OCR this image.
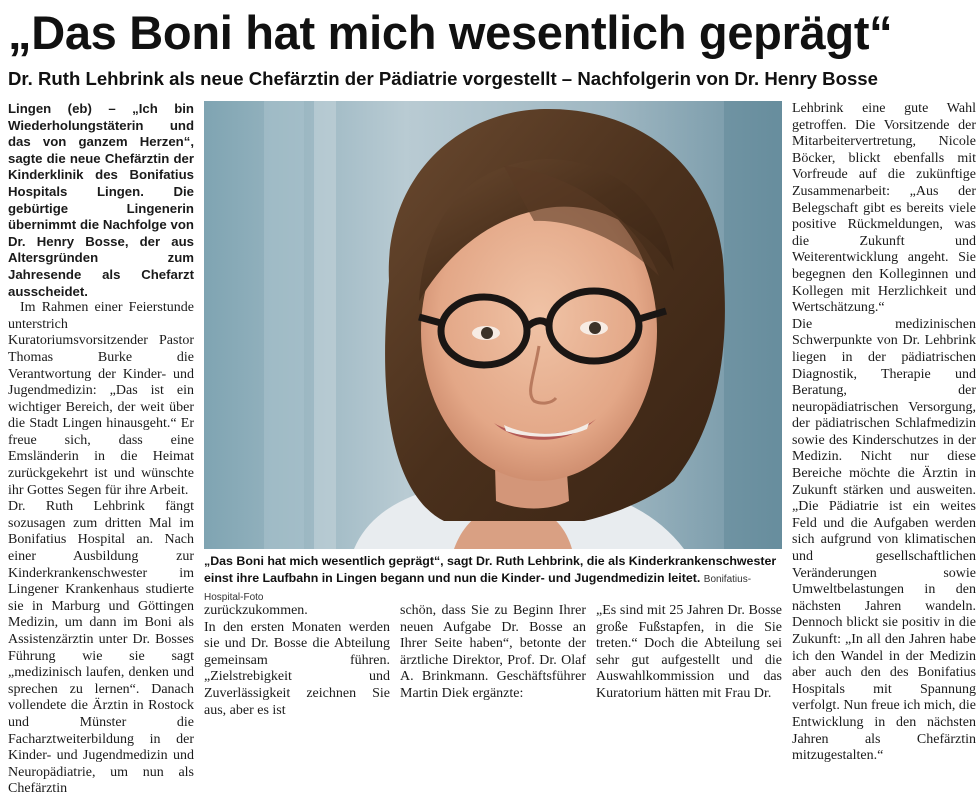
„Das Boni hat mich wesentlich geprägt“
Dr. Ruth Lehbrink als neue Chefärztin der Pädiatrie vorgestellt – Nachfolgerin von Dr. Henry Bosse

Lingen (eb) – „Ich bin Wiederholungstäterin und das von ganzem Herzen“, sagte die neue Chefärztin der Kinderklinik des Bonifatius Hospitals Lingen. Die gebürtige Lingenerin übernimmt die Nachfolge von Dr. Henry Bosse, der aus Altersgründen zum Jahresende als Chefarzt ausscheidet.

Im Rahmen einer Feierstunde unterstrich Kuratoriumsvorsitzender Pastor Thomas Burke die Verantwortung der Kinder- und Jugendmedizin: „Das ist ein wichtiger Bereich, der weit über die Stadt Lingen hinausgeht.“ Er freue sich, dass eine Emsländerin in die Heimat zurückgekehrt ist und wünschte ihr Gottes Segen für ihre Arbeit.

Dr. Ruth Lehbrink fängt sozusagen zum dritten Mal im Bonifatius Hospital an. Nach einer Ausbildung zur Kinderkrankenschwester im Lingener Krankenhaus studierte sie in Marburg und Göttingen Medizin, um dann im Boni als Assistenzärztin unter Dr. Bosses Führung wie sie sagt „medizinisch laufen, denken und sprechen zu lernen“. Danach vollendete die Ärztin in Rostock und Münster die Facharztweiterbildung in der Kinder- und Jugendmedizin und Neuropädiatrie, um nun als Chefärztin

„Das Boni hat mich wesentlich geprägt“, sagt Dr. Ruth Lehbrink, die als Kinderkrankenschwester einst ihre Laufbahn in Lingen begann und nun die Kinder- und Jugendmedizin leitet. Bonifatius-Hospital-Foto
zurückzukommen.
In den ersten Monaten werden sie und Dr. Bosse die Abteilung gemeinsam führen. „Zielstrebigkeit und Zuverlässigkeit zeichnen Sie aus, aber es ist
schön, dass Sie zu Beginn Ihrer neuen Aufgabe Dr. Bosse an Ihrer Seite haben“, betonte der ärztliche Direktor, Prof. Dr. Olaf A. Brinkmann. Geschäftsführer Martin Diek ergänzte:
„Es sind mit 25 Jahren Dr. Bosse große Fußstapfen, in die Sie treten.“ Doch die Abteilung sei sehr gut aufgestellt und die Auswahlkommission und das Kuratorium hätten mit Frau Dr.

Lehbrink eine gute Wahl getroffen. Die Vorsitzende der Mitarbeitervertretung, Nicole Böcker, blickt ebenfalls mit Vorfreude auf die zukünftige Zusammenarbeit: „Aus der Belegschaft gibt es bereits viele positive Rückmeldungen, was die Zukunft und Weiterentwicklung angeht. Sie begegnen den Kolleginnen und Kollegen mit Herzlichkeit und Wertschätzung.“

Die medizinischen Schwerpunkte von Dr. Lehbrink liegen in der pädiatrischen Diagnostik, Therapie und Beratung, der neuropädiatrischen Versorgung, der pädiatrischen Schlafmedizin sowie des Kinderschutzes in der Medizin. Nicht nur diese Bereiche möchte die Ärztin in Zukunft stärken und ausweiten. „Die Pädiatrie ist ein weites Feld und die Aufgaben werden sich aufgrund von klimatischen und gesellschaftlichen Veränderungen sowie Umweltbelastungen in den nächsten Jahren wandeln. Dennoch blickt sie positiv in die Zukunft: „In all den Jahren habe ich den Wandel in der Medizin aber auch den des Bonifatius Hospitals mit Spannung verfolgt. Nun freue ich mich, die Entwicklung in den nächsten Jahren als Chefärztin mitzugestalten.“
